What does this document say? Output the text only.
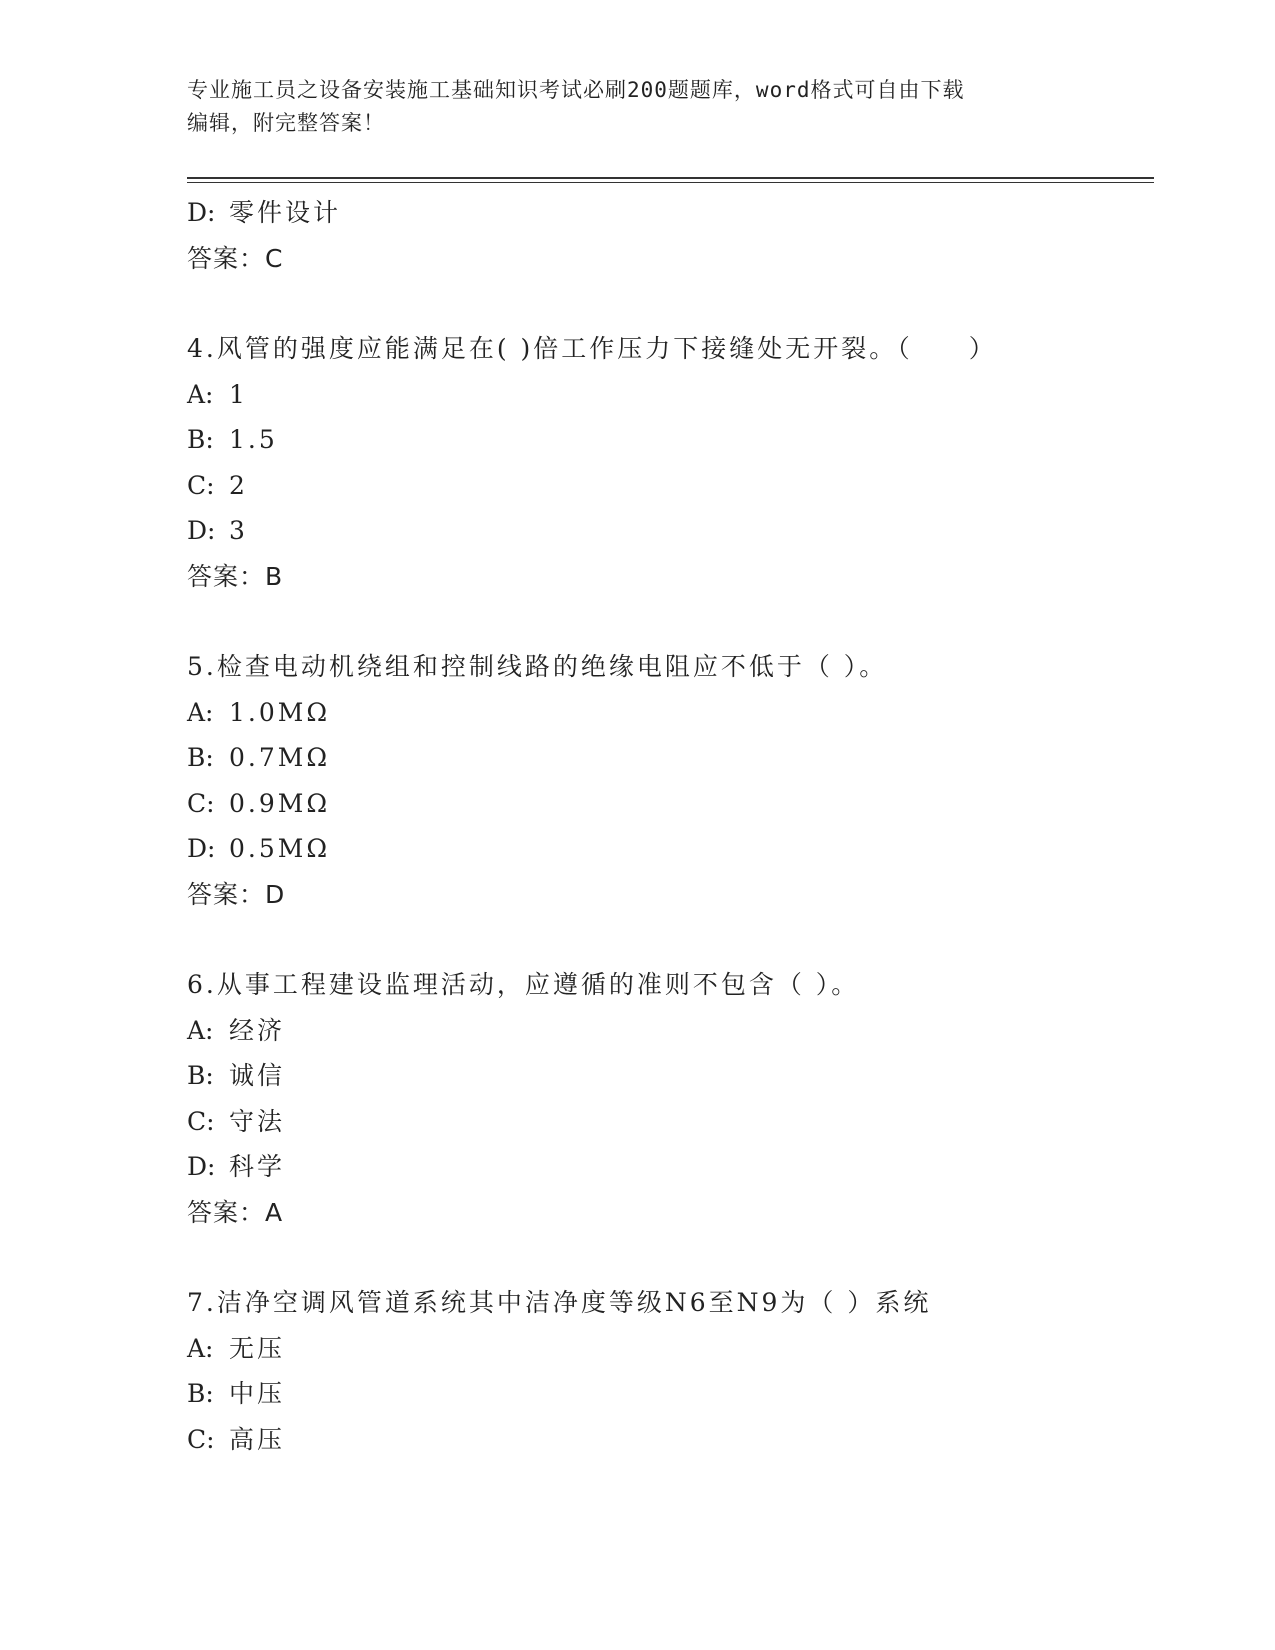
专业施工员之设备安装施工基础知识考试必刷200题题库，word格式可自由下载
编辑，附完整答案！
D: 零件设计
答案：C
4.风管的强度应能满足在( )倍工作压力下接缝处无开裂。（　　）
A: 1
B: 1.5
C: 2
D: 3
答案：B
5.检查电动机绕组和控制线路的绝缘电阻应不低于（ ）。
A: 1.0MΩ
B: 0.7MΩ
C: 0.9MΩ
D: 0.5MΩ
答案：D
6.从事工程建设监理活动，应遵循的准则不包含（ ）。
A: 经济
B: 诚信
C: 守法
D: 科学
答案：A
7.洁净空调风管道系统其中洁净度等级N6至N9为（ ）系统
A: 无压
B: 中压
C: 高压
